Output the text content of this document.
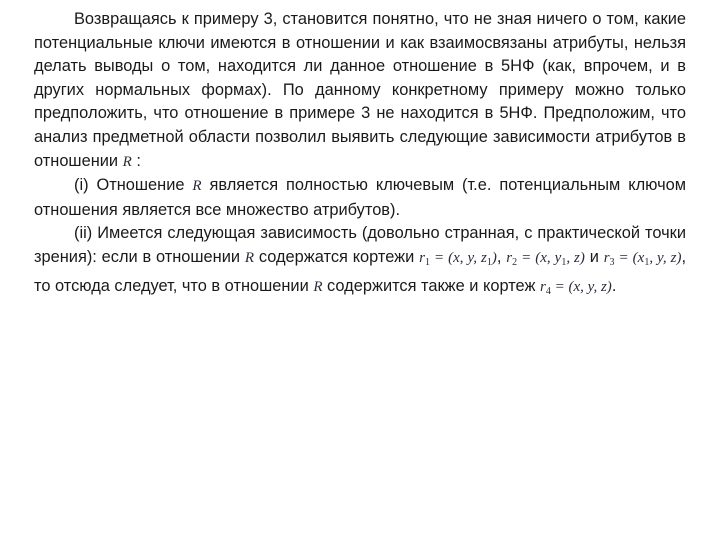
Возвращаясь к примеру 3, становится понятно, что не зная ничего о том, какие потенциальные ключи имеются в отношении и как взаимосвязаны атрибуты, нельзя делать выводы о том, находится ли данное отношение в 5НФ (как, впрочем, и в других нормальных формах). По данному конкретному примеру можно только предположить, что отношение в примере 3 не находится в 5НФ. Предположим, что анализ предметной области позволил выявить следующие зависимости атрибутов в отношении R :

(i) Отношение R является полностью ключевым (т.е. потенциальным ключом отношения является все множество атрибутов).

(ii) Имеется следующая зависимость (довольно странная, с практической точки зрения): если в отношении R содержатся кортежи $r_1 = (x$, y, $z_1$), $r_2 = (x$, $y_1$, z) и $r_3 = (x_1$, y, z), то отсюда следует, что в отношении R содержится также и кортеж $r_4 = (x$, y, z).
